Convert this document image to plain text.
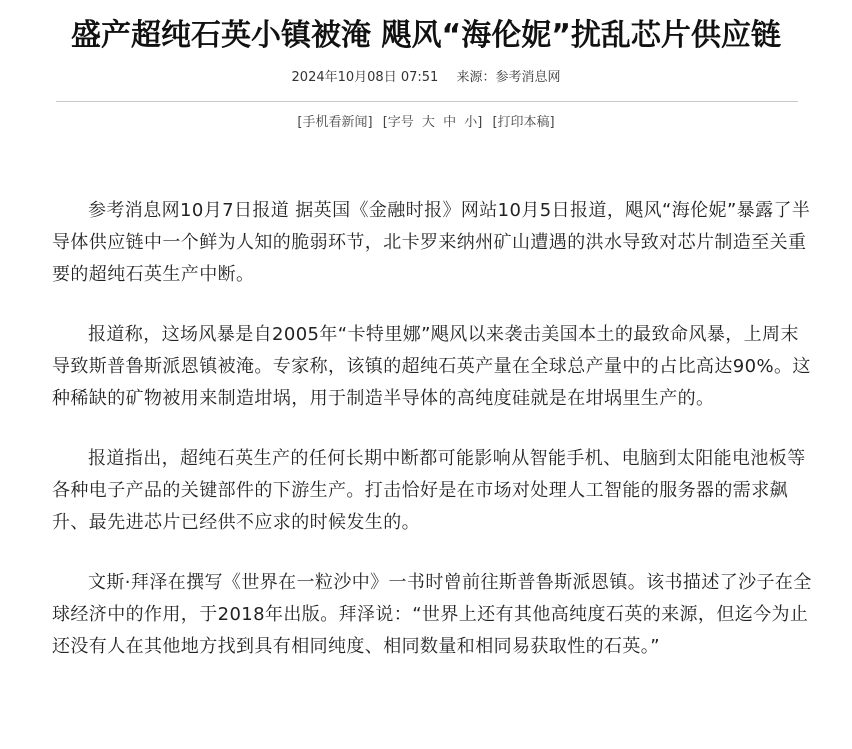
盛产超纯石英小镇被淹 飓风“海伦妮”扰乱芯片供应链
2024年10月08日 07:51 来源：参考消息网
[手机看新闻] [字号 大 中 小] [打印本稿]

参考消息网10月7日报道 据英国《金融时报》网站10月5日报道，飓风“海伦妮”暴露了半导体供应链中一个鲜为人知的脆弱环节，北卡罗来纳州矿山遭遇的洪水导致对芯片制造至关重要的超纯石英生产中断。

报道称，这场风暴是自2005年“卡特里娜”飓风以来袭击美国本土的最致命风暴，上周末导致斯普鲁斯派恩镇被淹。专家称，该镇的超纯石英产量在全球总产量中的占比高达90%。这种稀缺的矿物被用来制造坩埚，用于制造半导体的高纯度硅就是在坩埚里生产的。

报道指出，超纯石英生产的任何长期中断都可能影响从智能手机、电脑到太阳能电池板等各种电子产品的关键部件的下游生产。打击恰好是在市场对处理人工智能的服务器的需求飙升、最先进芯片已经供不应求的时候发生的。

文斯·拜泽在撰写《世界在一粒沙中》一书时曾前往斯普鲁斯派恩镇。该书描述了沙子在全球经济中的作用，于2018年出版。拜泽说：“世界上还有其他高纯度石英的来源，但迄今为止还没有人在其他地方找到具有相同纯度、相同数量和相同易获取性的石英。”
